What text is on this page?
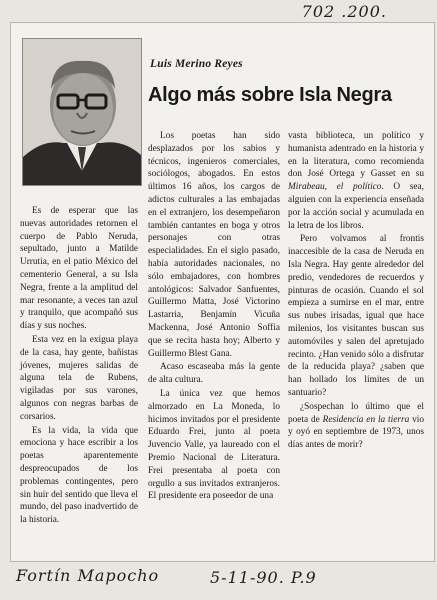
702 .200.
Luis Merino Reyes
Algo más sobre Isla Negra

Es de esperar que las nuevas autoridades retornen el cuerpo de Pablo Neruda, sepultado, junto a Matilde Urrutia, en el patio México del cementerio General, a su Isla Negra, frente a la amplitud del mar resonante, a veces tan azul y tranquilo, que acompañó sus días y sus noches.

Esta vez en la exigua playa de la casa, hay gente, bañistas jóvenes, mujeres salidas de alguna tela de Rubens, vigiladas por sus varones, algunos con negras barbas de corsarios.

Es la vida, la vida que emociona y hace escribir a los poetas aparentemente despreocupados de los problemas contingentes, pero sin huir del sentido que lleva el mundo, del paso inadvertido de la historia.

Los poetas han sido desplazados por los sabios y técnicos, ingenieros comerciales, sociólogos, abogados. En estos últimos 16 años, los cargos de adictos culturales a las embajadas en el extranjero, los desempeñaron también cantantes en boga y otros personajes con otras especialidades. En el siglo pasado, había autoridades nacionales, no sólo embajadores, con hombres antológicos: Salvador Sanfuentes, Guillermo Matta, José Victorino Lastarria, Benjamín Vicuña Mackenna, José Antonio Soffia que se recita hasta hoy; Alberto y Guillermo Blest Gana.

Acaso escaseaba más la gente de alta cultura.

La única vez que hemos almorzado en La Moneda, lo hicimos invitados por el presidente Eduardo Frei, junto al poeta Juvencio Valle, ya laureado con el Premio Nacional de Literatura. Frei presentaba al poeta con orgullo a sus invitados extranjeros. El presidente era poseedor de una

vasta biblioteca, un político y humanista adentrado en la historia y en la literatura, como recomienda don José Ortega y Gasset en su Mirabeau, el político. O sea, alguien con la experiencia enseñada por la acción social y acumulada en la letra de los libros.

Pero volvamos al frontis inaccesible de la casa de Neruda en Isla Negra. Hay gente alrededor del predio, vendedores de recuerdos y pinturas de ocasión. Cuando el sol empieza a sumirse en el mar, entre sus nubes irisadas, igual que hace milenios, los visitantes buscan sus automóviles y salen del apretujado recinto. ¿Han venido sólo a disfrutar de la reducida playa? ¿saben que han hollado los límites de un santuario?

¿Sospechan lo último que el poeta de Residencia en la tierra vio y oyó en septiembre de 1973, unos días antes de morir?

Fortín Mapocho	5-11-90. P.9
